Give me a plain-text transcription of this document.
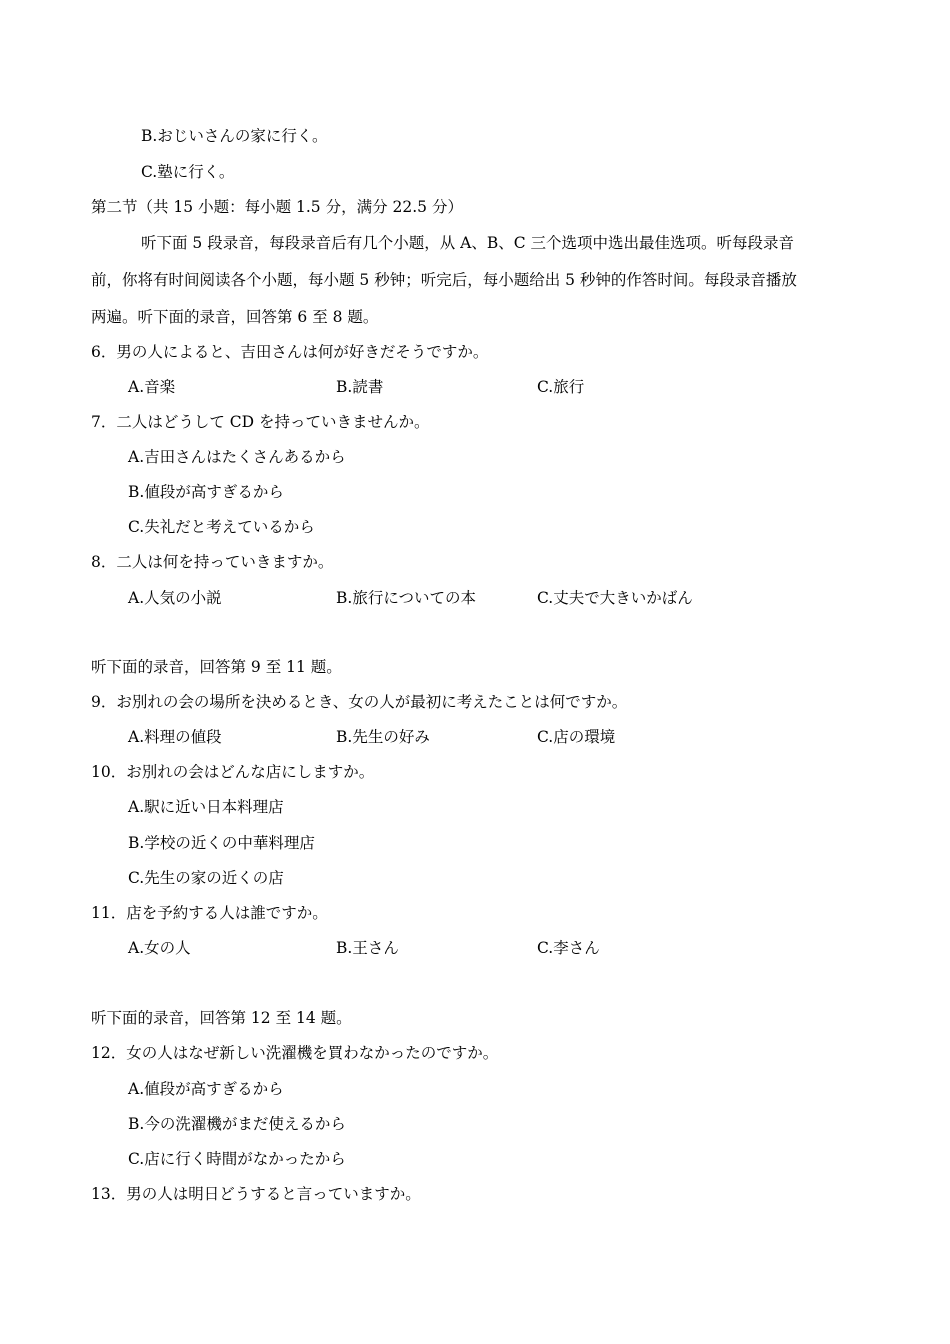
B.おじいさんの家に行く。
C.塾に行く。
第二节（共 15 小题：每小题 1.5 分，满分 22.5 分）
听下面 5 段录音，每段录音后有几个小题，从 A、B、C 三个选项中选出最佳选项。听每段录音
前，你将有时间阅读各个小题，每小题 5 秒钟；听完后，每小题给出 5 秒钟的作答时间。每段录音播放
两遍。听下面的录音，回答第 6 至 8 题。
6．男の人によると、吉田さんは何が好きだそうですか。
A.音楽	B.読書	C.旅行
7．二人はどうして CD を持っていきませんか。
A.吉田さんはたくさんあるから
B.値段が高すぎるから
C.失礼だと考えているから
8．二人は何を持っていきますか。
A.人気の小説	B.旅行についての本	C.丈夫で大きいかばん
听下面的录音，回答第 9 至 11 题。
9．お別れの会の場所を決めるとき、女の人が最初に考えたことは何ですか。
A.料理の値段	B.先生の好み	C.店の環境
10．お別れの会はどんな店にしますか。
A.駅に近い日本料理店
B.学校の近くの中華料理店
C.先生の家の近くの店
11．店を予約する人は誰ですか。
A.女の人	B.王さん	C.李さん
听下面的录音，回答第 12 至 14 题。
12．女の人はなぜ新しい洗濯機を買わなかったのですか。
A.値段が高すぎるから
B.今の洗濯機がまだ使えるから
C.店に行く時間がなかったから
13．男の人は明日どうすると言っていますか。
